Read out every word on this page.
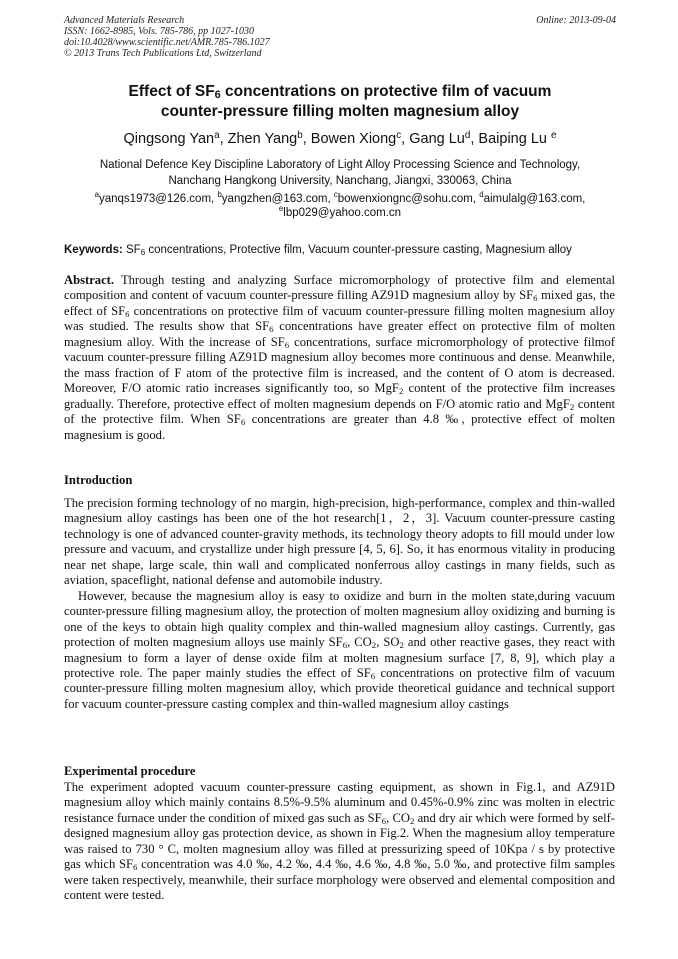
Advanced Materials Research
ISSN: 1662-8985, Vols. 785-786, pp 1027-1030
doi:10.4028/www.scientific.net/AMR.785-786.1027
© 2013 Trans Tech Publications Ltd, Switzerland
Online: 2013-09-04
Effect of $SF_6$ concentrations on protective film of vacuum
counter-pressure filling molten magnesium alloy
Qingsong Yan$^a$, Zhen Yang$^b$, Bowen Xiong$^c$, Gang Lu$^d$, Baiping Lu $^e$
National Defence Key Discipline Laboratory of Light Alloy Processing Science and Technology,
Nanchang Hangkong University, Nanchang, Jiangxi, 330063, China
$^a$yanqs1973@126.com, $^b$yangzhen@163.com, $^c$bowenxiongnc@sohu.com, $^d$aimulalg@163.com,
$^e$lbp029@yahoo.com.cn
Keywords: $SF_6$ concentrations, Protective film, Vacuum counter-pressure casting, Magnesium alloy
Abstract. Through testing and analyzing Surface micromorphology of protective film and elemental composition and content of vacuum counter-pressure filling AZ91D magnesium alloy by $SF_6$ mixed gas, the effect of $SF_6$ concentrations on protective film of vacuum counter-pressure filling molten magnesium alloy was studied. The results show that $SF_6$ concentrations have greater effect on protective film of molten magnesium alloy. With the increase of $SF_6$ concentrations, surface micromorphology of protective filmof vacuum counter-pressure filling AZ91D magnesium alloy becomes more continuous and dense. Meanwhile, the mass fraction of F atom of the protective film is increased, and the content of O atom is decreased. Moreover, F/O atomic ratio increases significantly too, so MgF$_2$ content of the protective film increases gradually. Therefore, protective effect of molten magnesium depends on F/O atomic ratio and MgF$_2$ content of the protective film. When $SF_6$ concentrations are greater than 4.8 ‰, protective effect of molten magnesium is good.
Introduction

The precision forming technology of no margin, high-precision, high-performance, complex and thin-walled magnesium alloy castings has been one of the hot research[1，2，3]. Vacuum counter-pressure casting technology is one of advanced counter-gravity methods, its technology theory adopts to fill mould under low pressure and vacuum, and crystallize under high pressure [4, 5, 6]. So, it has enormous vitality in producing near net shape, large scale, thin wall and complicated nonferrous alloy castings in many fields, such as aviation, spaceflight, national defense and automobile industry.

However, because the magnesium alloy is easy to oxidize and burn in the molten state,during vacuum counter-pressure filling magnesium alloy, the protection of molten magnesium alloy oxidizing and burning is one of the keys to obtain high quality complex and thin-walled magnesium alloy castings. Currently, gas protection of molten magnesium alloys use mainly $SF_6$, $CO_2$, $SO_2$ and other reactive gases, they react with magnesium to form a layer of dense oxide film at molten magnesium surface [7, 8, 9], which play a protective role. The paper mainly studies the effect of $SF_6$ concentrations on protective film of vacuum counter-pressure filling molten magnesium alloy, which provide theoretical guidance and technical support for vacuum counter-pressure casting complex and thin-walled magnesium alloy castings

Experimental procedure
The experiment adopted vacuum counter-pressure casting equipment, as shown in Fig.1, and AZ91D magnesium alloy which mainly contains 8.5%-9.5% aluminum and 0.45%-0.9% zinc was molten in electric resistance furnace under the condition of mixed gas such as $SF_6$, $CO_2$ and dry air which were formed by self-designed magnesium alloy gas protection device, as shown in Fig.2. When the magnesium alloy temperature was raised to 730 ° C, molten magnesium alloy was filled at pressurizing speed of 10Kpa / s by protective gas which $SF_6$ concentration was 4.0 ‰, 4.2 ‰, 4.4 ‰, 4.6 ‰, 4.8 ‰, 5.0 ‰, and protective film samples were taken respectively, meanwhile, their surface morphology were observed and elemental composition and content were tested.
